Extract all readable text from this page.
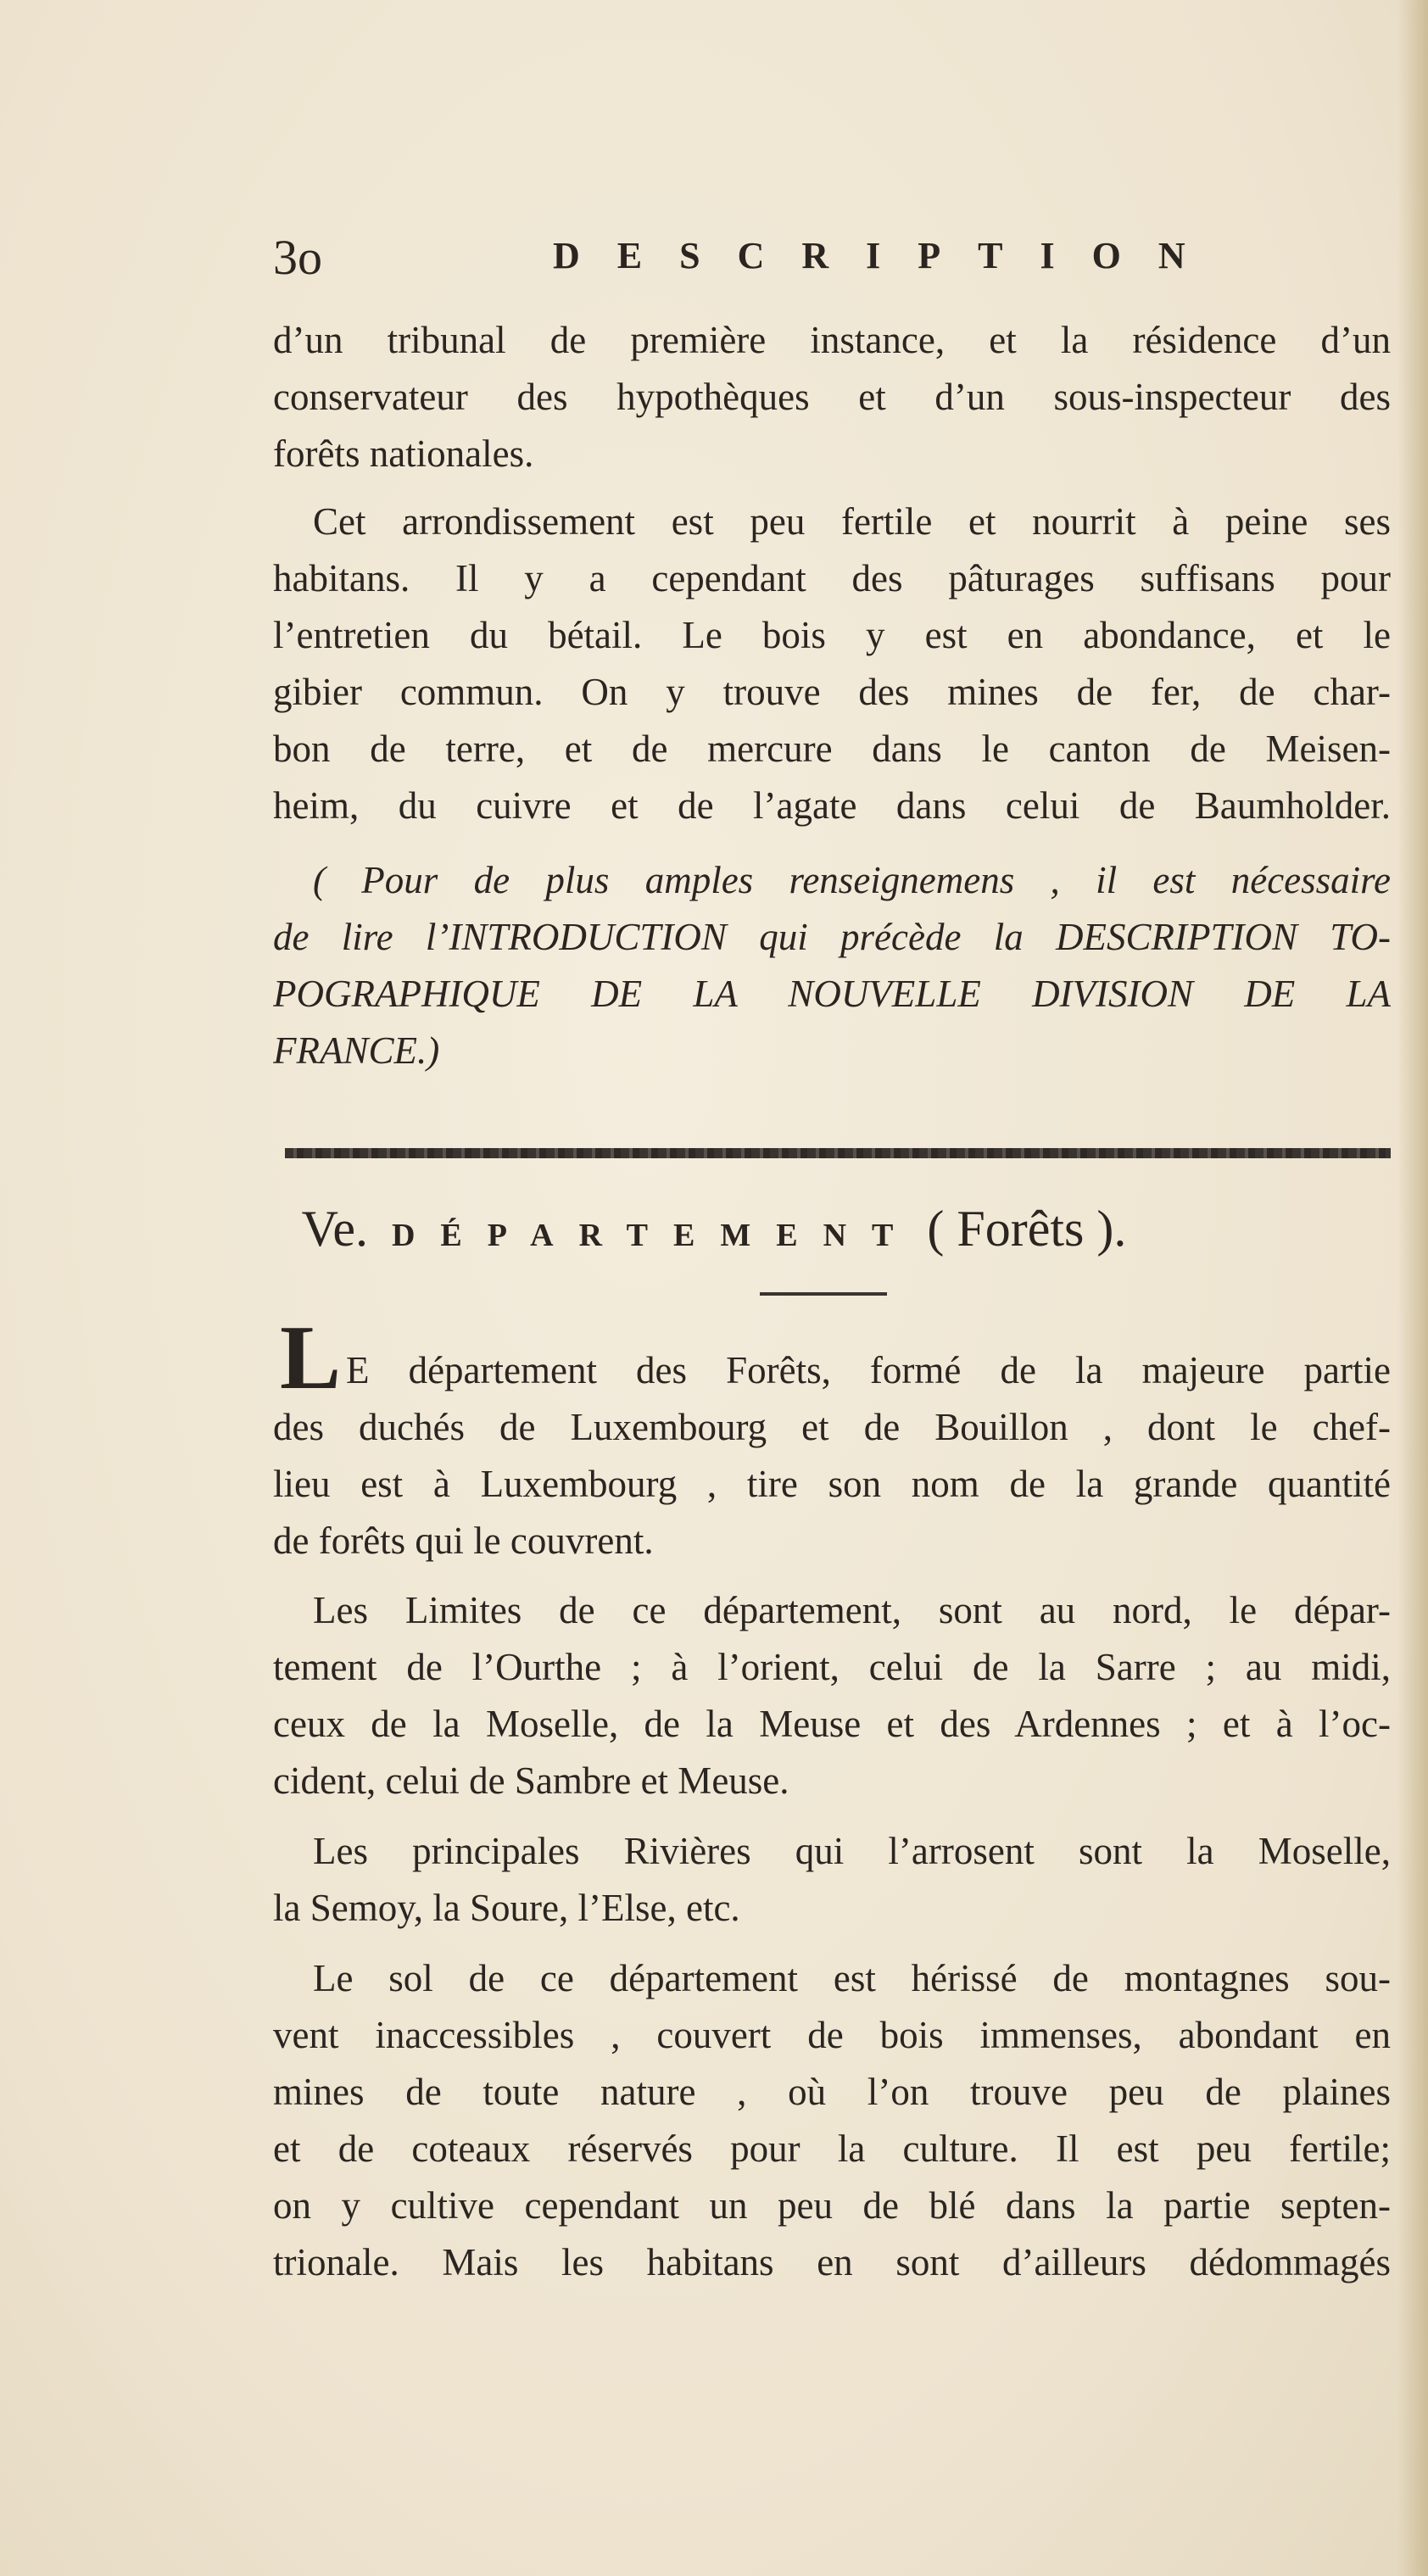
3o	DESCRIPTION
d’un tribunal de première instance, et la résidence d’un
conservateur des hypothèques et d’un sous-inspecteur des
forêts nationales.
Cet arrondissement est peu fertile et nourrit à peine ses
habitans. Il y a cependant des pâturages suffisans pour
l’entretien du bétail. Le bois y est en abondance, et le
gibier commun. On y trouve des mines de fer, de char-
bon de terre, et de mercure dans le canton de Meisen-
heim, du cuivre et de l’agate dans celui de Baumholder.
( Pour de plus amples renseignemens , il est nécessaire
de lire l’INTRODUCTION qui précède la DESCRIPTION TO-
POGRAPHIQUE DE LA NOUVELLE DIVISION DE LA
FRANCE.)
Ve. DÉPARTEMENT ( Forêts ).
L E département des Forêts, formé de la majeure partie
des duchés de Luxembourg et de Bouillon , dont le chef-
lieu est à Luxembourg , tire son nom de la grande quantité
de forêts qui le couvrent.
Les Limites de ce département, sont au nord, le dépar-
tement de l’Ourthe ; à l’orient, celui de la Sarre ; au midi,
ceux de la Moselle, de la Meuse et des Ardennes ; et à l’oc-
cident, celui de Sambre et Meuse.
Les principales Rivières qui l’arrosent sont la Moselle,
la Semoy, la Soure, l’Else, etc.
Le sol de ce département est hérissé de montagnes sou-
vent inaccessibles , couvert de bois immenses, abondant en
mines de toute nature , où l’on trouve peu de plaines
et de coteaux réservés pour la culture. Il est peu fertile;
on y cultive cependant un peu de blé dans la partie septen-
trionale. Mais les habitans en sont d’ailleurs dédommagés
